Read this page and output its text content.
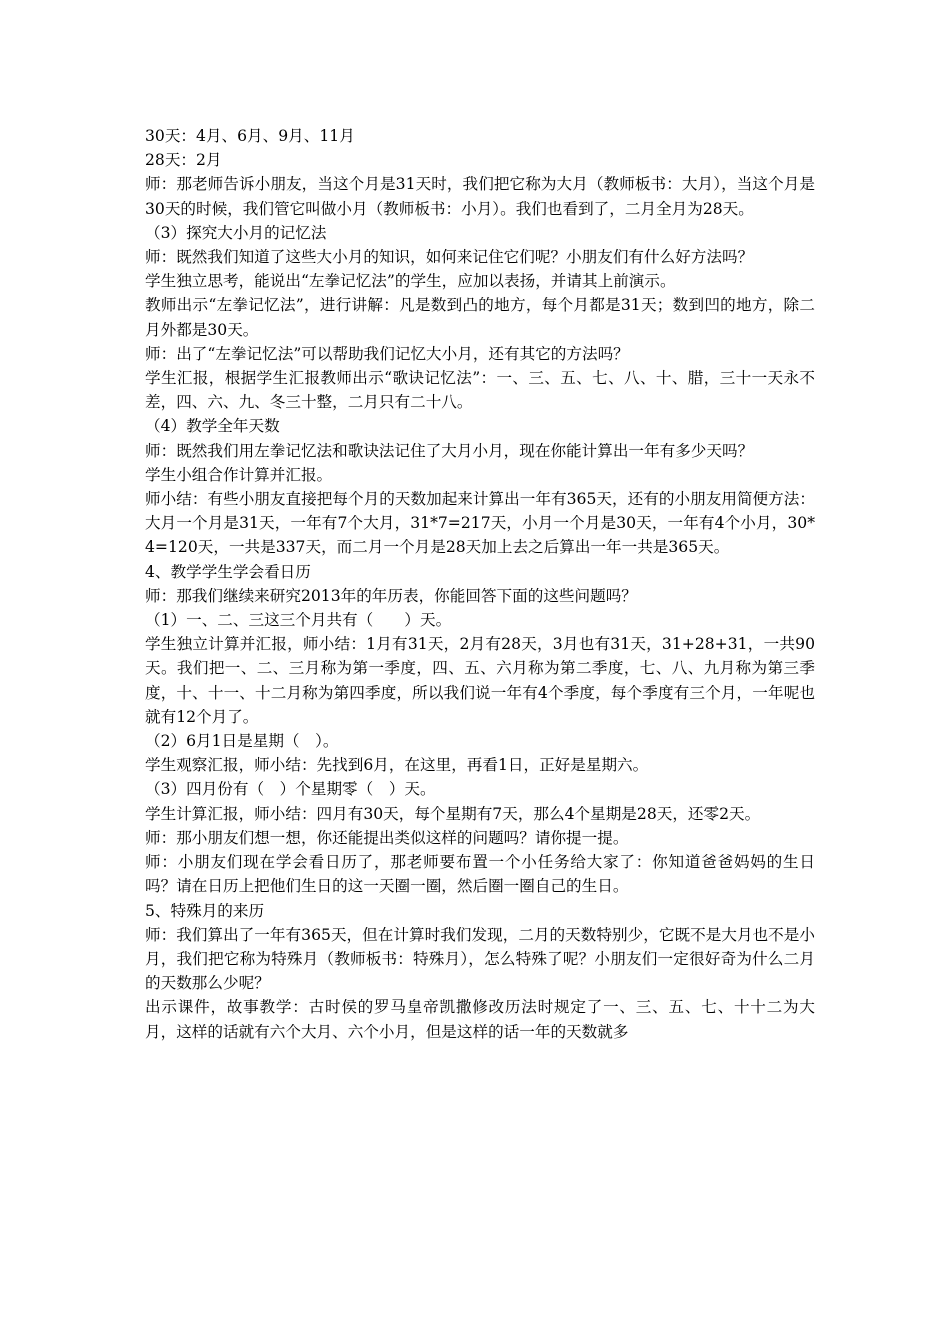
30天：4月、6月、9月、11月

28天：2月

师：那老师告诉小朋友，当这个月是31天时，我们把它称为大月（教师板书：大月），当这个月是30天的时候，我们管它叫做小月（教师板书：小月）。我们也看到了，二月全月为28天。

（3）探究大小月的记忆法

师：既然我们知道了这些大小月的知识，如何来记住它们呢？小朋友们有什么好方法吗？

学生独立思考，能说出“左拳记忆法”的学生，应加以表扬，并请其上前演示。

教师出示“左拳记忆法”，进行讲解：凡是数到凸的地方，每个月都是31天；数到凹的地方，除二月外都是30天。

师：出了“左拳记忆法”可以帮助我们记忆大小月，还有其它的方法吗？

学生汇报，根据学生汇报教师出示“歌诀记忆法”：一、三、五、七、八、十、腊，三十一天永不差，四、六、九、冬三十整，二月只有二十八。

（4）教学全年天数

师：既然我们用左拳记忆法和歌诀法记住了大月小月，现在你能计算出一年有多少天吗？

学生小组合作计算并汇报。

师小结：有些小朋友直接把每个月的天数加起来计算出一年有365天，还有的小朋友用简便方法：大月一个月是31天，一年有7个大月，31*7=217天，小月一个月是30天，一年有4个小月，30*4=120天，一共是337天，而二月一个月是28天加上去之后算出一年一共是365天。

4、教学学生学会看日历

师：那我们继续来研究2013年的年历表，你能回答下面的这些问题吗？

（1）一、二、三这三个月共有（　　）天。

学生独立计算并汇报，师小结：1月有31天，2月有28天，3月也有31天，31+28+31，一共90天。我们把一、二、三月称为第一季度，四、五、六月称为第二季度，七、八、九月称为第三季度，十、十一、十二月称为第四季度，所以我们说一年有4个季度，每个季度有三个月，一年呢也就有12个月了。

（2）6月1日是星期（　）。

学生观察汇报，师小结：先找到6月，在这里，再看1日，正好是星期六。

（3）四月份有（　）个星期零（　）天。

学生计算汇报，师小结：四月有30天，每个星期有7天，那么4个星期是28天，还零2天。

师：那小朋友们想一想，你还能提出类似这样的问题吗？请你提一提。

师：小朋友们现在学会看日历了，那老师要布置一个小任务给大家了：你知道爸爸妈妈的生日吗？请在日历上把他们生日的这一天圈一圈，然后圈一圈自己的生日。

5、特殊月的来历

师：我们算出了一年有365天，但在计算时我们发现，二月的天数特别少，它既不是大月也不是小月，我们把它称为特殊月（教师板书：特殊月），怎么特殊了呢？小朋友们一定很好奇为什么二月的天数那么少呢？

出示课件，故事教学：古时侯的罗马皇帝凯撒修改历法时规定了一、三、五、七、十十二为大月，这样的话就有六个大月、六个小月，但是这样的话一年的天数就多
